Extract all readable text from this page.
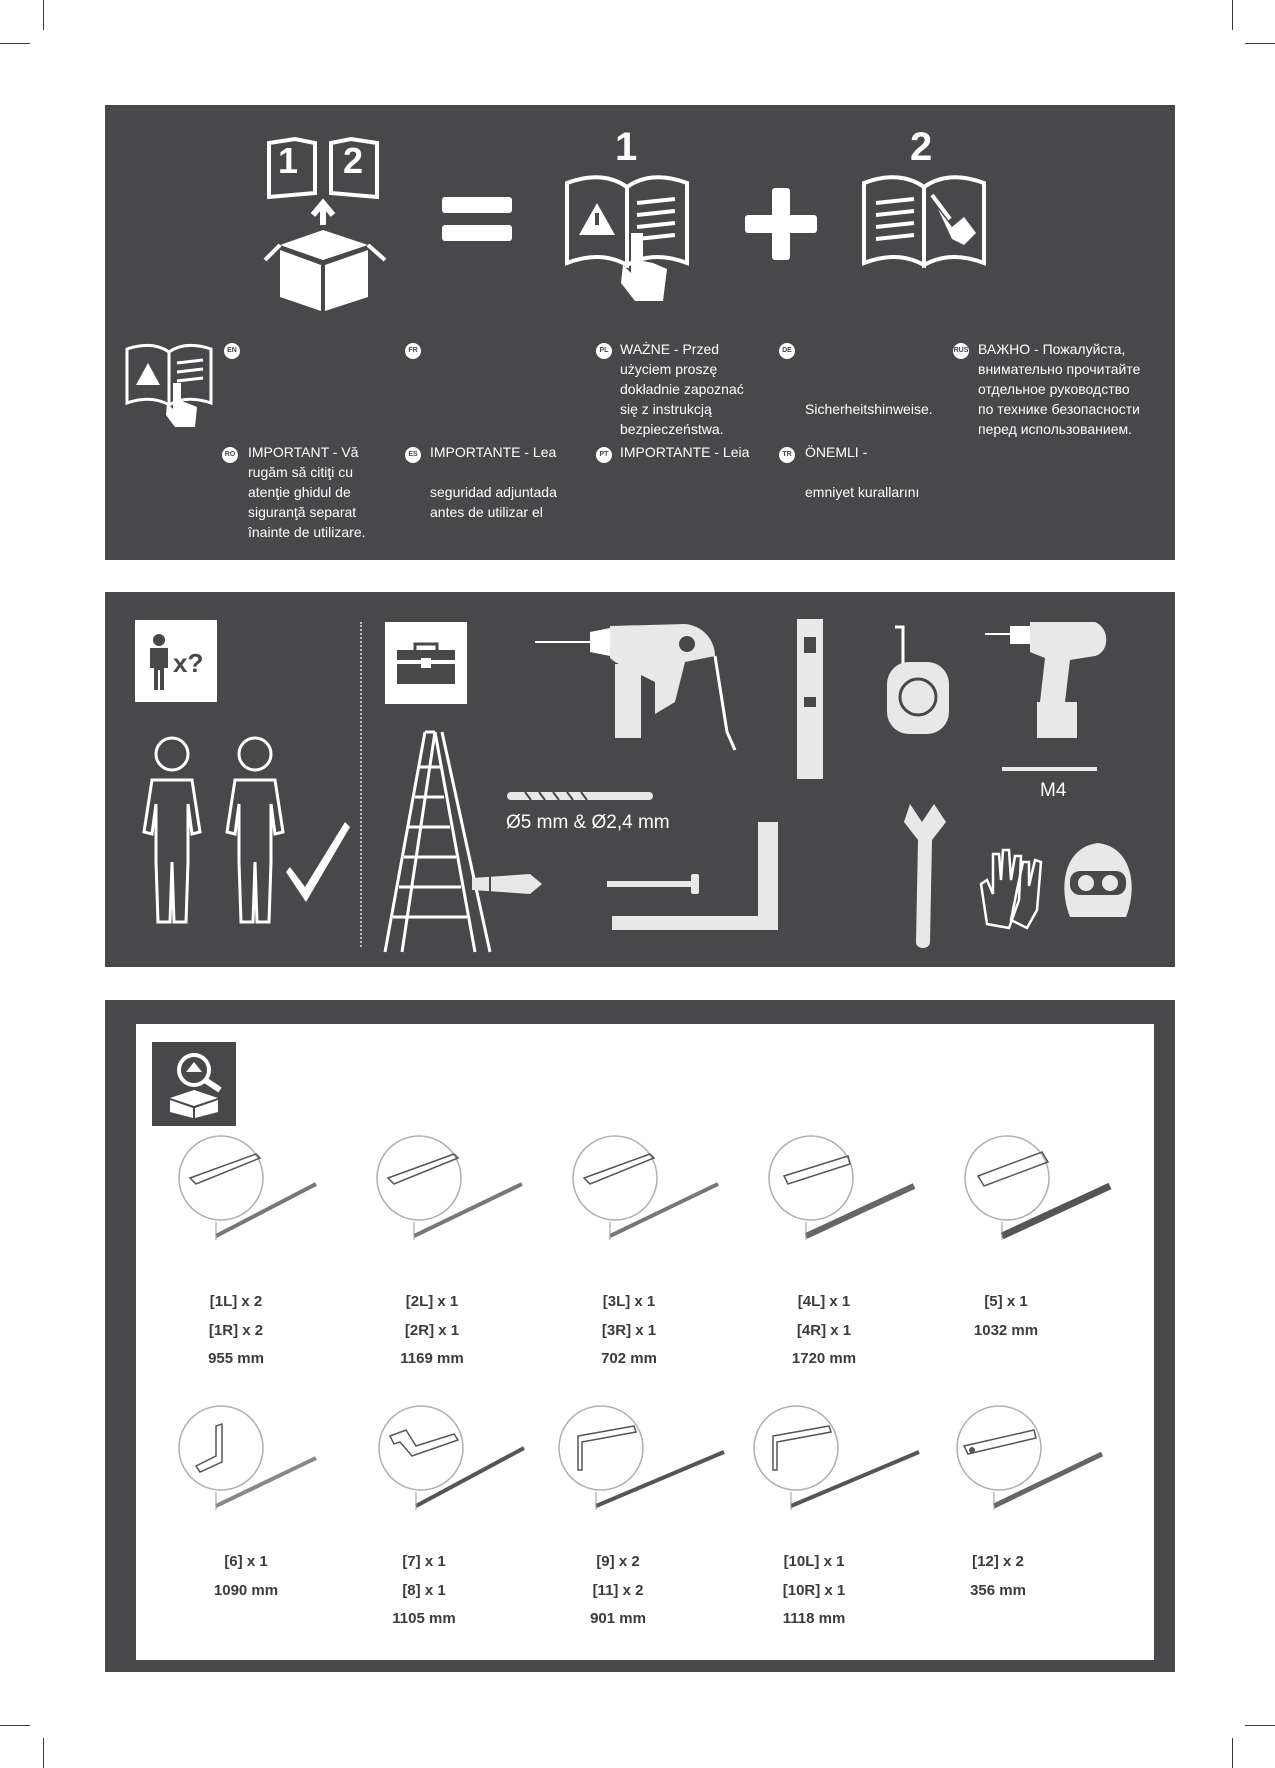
1 2	1	2
EN	FR	PL WAŻNE - Przed
użyciem proszę
dokładnie zapoznać
się z instrukcją
bezpieczeństwa.
DE
Sicherheitshinweise.
RUS ВАЖНО - Пожалуйста,
внимательно прочитайте
отдельное руководство
по технике безопасности
перед использованием.
RO IMPORTANT - Vă
rugăm să citiţi cu
atenţie ghidul de
siguranţă separat
înainte de utilizare.
ES IMPORTANTE - Lea

seguridad adjuntada
antes de utilizar el
PT IMPORTANTE - Leia	TR ÖNEMLI -

emniyet kurallarını
x?
M4
Ø5 mm & Ø2,4 mm
[1L] x 2
[1R] x 2
955 mm
[2L] x 1
[2R] x 1
1169 mm
[3L] x 1
[3R] x 1
702 mm
[4L] x 1
[4R] x 1
1720 mm
[5] x 1
1032 mm
[6] x 1
1090 mm
[7] x 1
[8] x 1
1105 mm
[9] x 2
[11] x 2
901 mm
[10L] x 1
[10R] x 1
1118 mm
[12] x 2
356 mm
